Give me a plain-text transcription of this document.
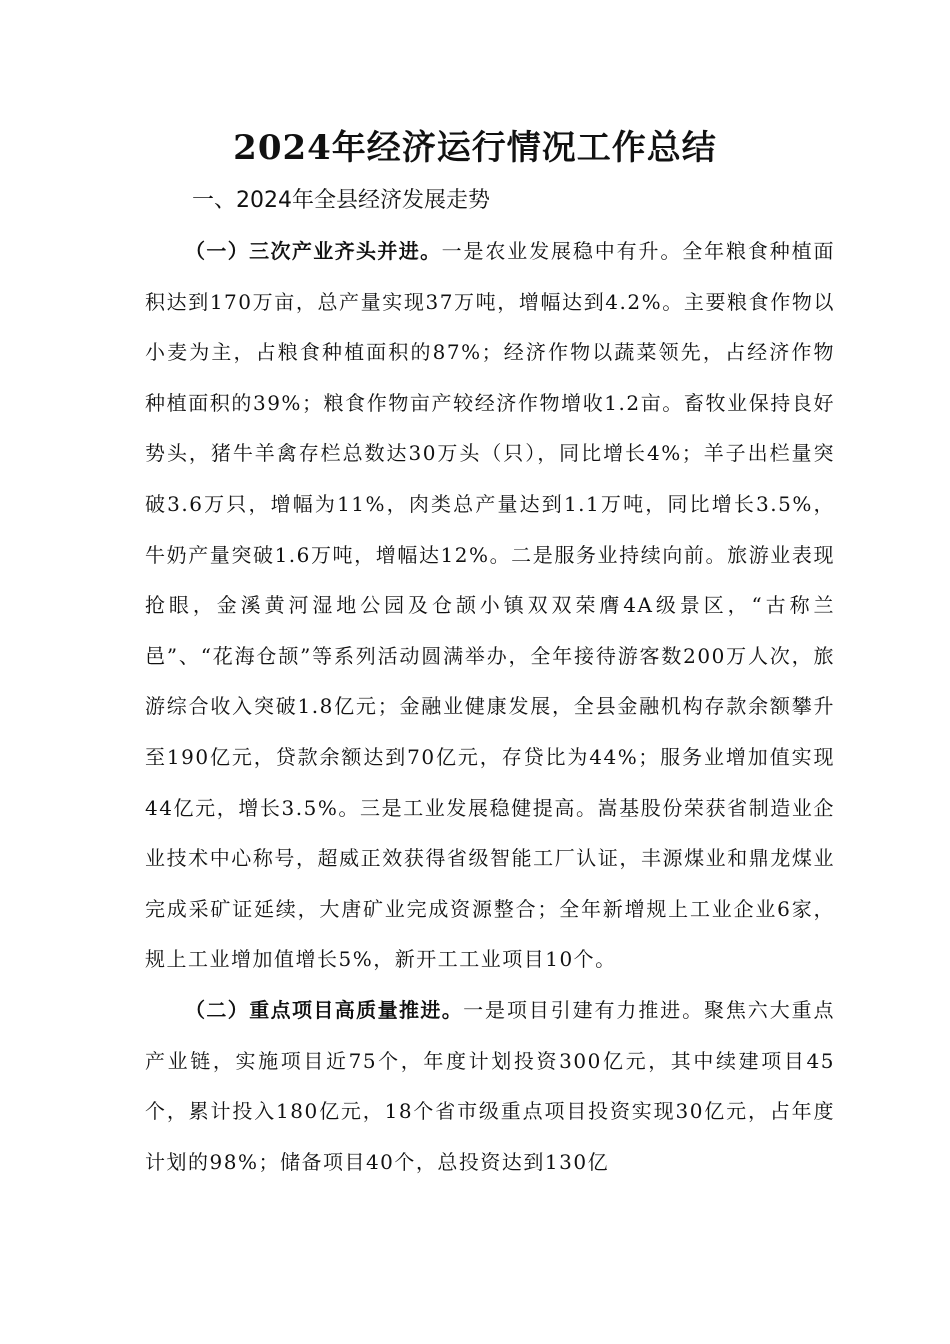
2024年经济运行情况工作总结
一、2024年全县经济发展走势

（一）三次产业齐头并进。一是农业发展稳中有升。全年粮食种植面积达到170万亩，总产量实现37万吨，增幅达到4.2%。主要粮食作物以小麦为主，占粮食种植面积的87%；经济作物以蔬菜领先，占经济作物种植面积的39%；粮食作物亩产较经济作物增收1.2亩。畜牧业保持良好势头，猪牛羊禽存栏总数达30万头（只），同比增长4%；羊子出栏量突破3.6万只，增幅为11%，肉类总产量达到1.1万吨，同比增长3.5%，牛奶产量突破1.6万吨，增幅达12%。二是服务业持续向前。旅游业表现抢眼，金溪黄河湿地公园及仓颉小镇双双荣膺4A级景区，“古称兰邑”、“花海仓颉”等系列活动圆满举办，全年接待游客数200万人次，旅游综合收入突破1.8亿元；金融业健康发展，全县金融机构存款余额攀升至190亿元，贷款余额达到70亿元，存贷比为44%；服务业增加值实现44亿元，增长3.5%。三是工业发展稳健提高。嵩基股份荣获省制造业企业技术中心称号，超威正效获得省级智能工厂认证，丰源煤业和鼎龙煤业完成采矿证延续，大唐矿业完成资源整合；全年新增规上工业企业6家，规上工业增加值增长5%，新开工工业项目10个。

（二）重点项目高质量推进。一是项目引建有力推进。聚焦六大重点产业链，实施项目近75个，年度计划投资300亿元，其中续建项目45个，累计投入180亿元，18个省市级重点项目投资实现30亿元，占年度计划的98%；储备项目40个，总投资达到130亿
